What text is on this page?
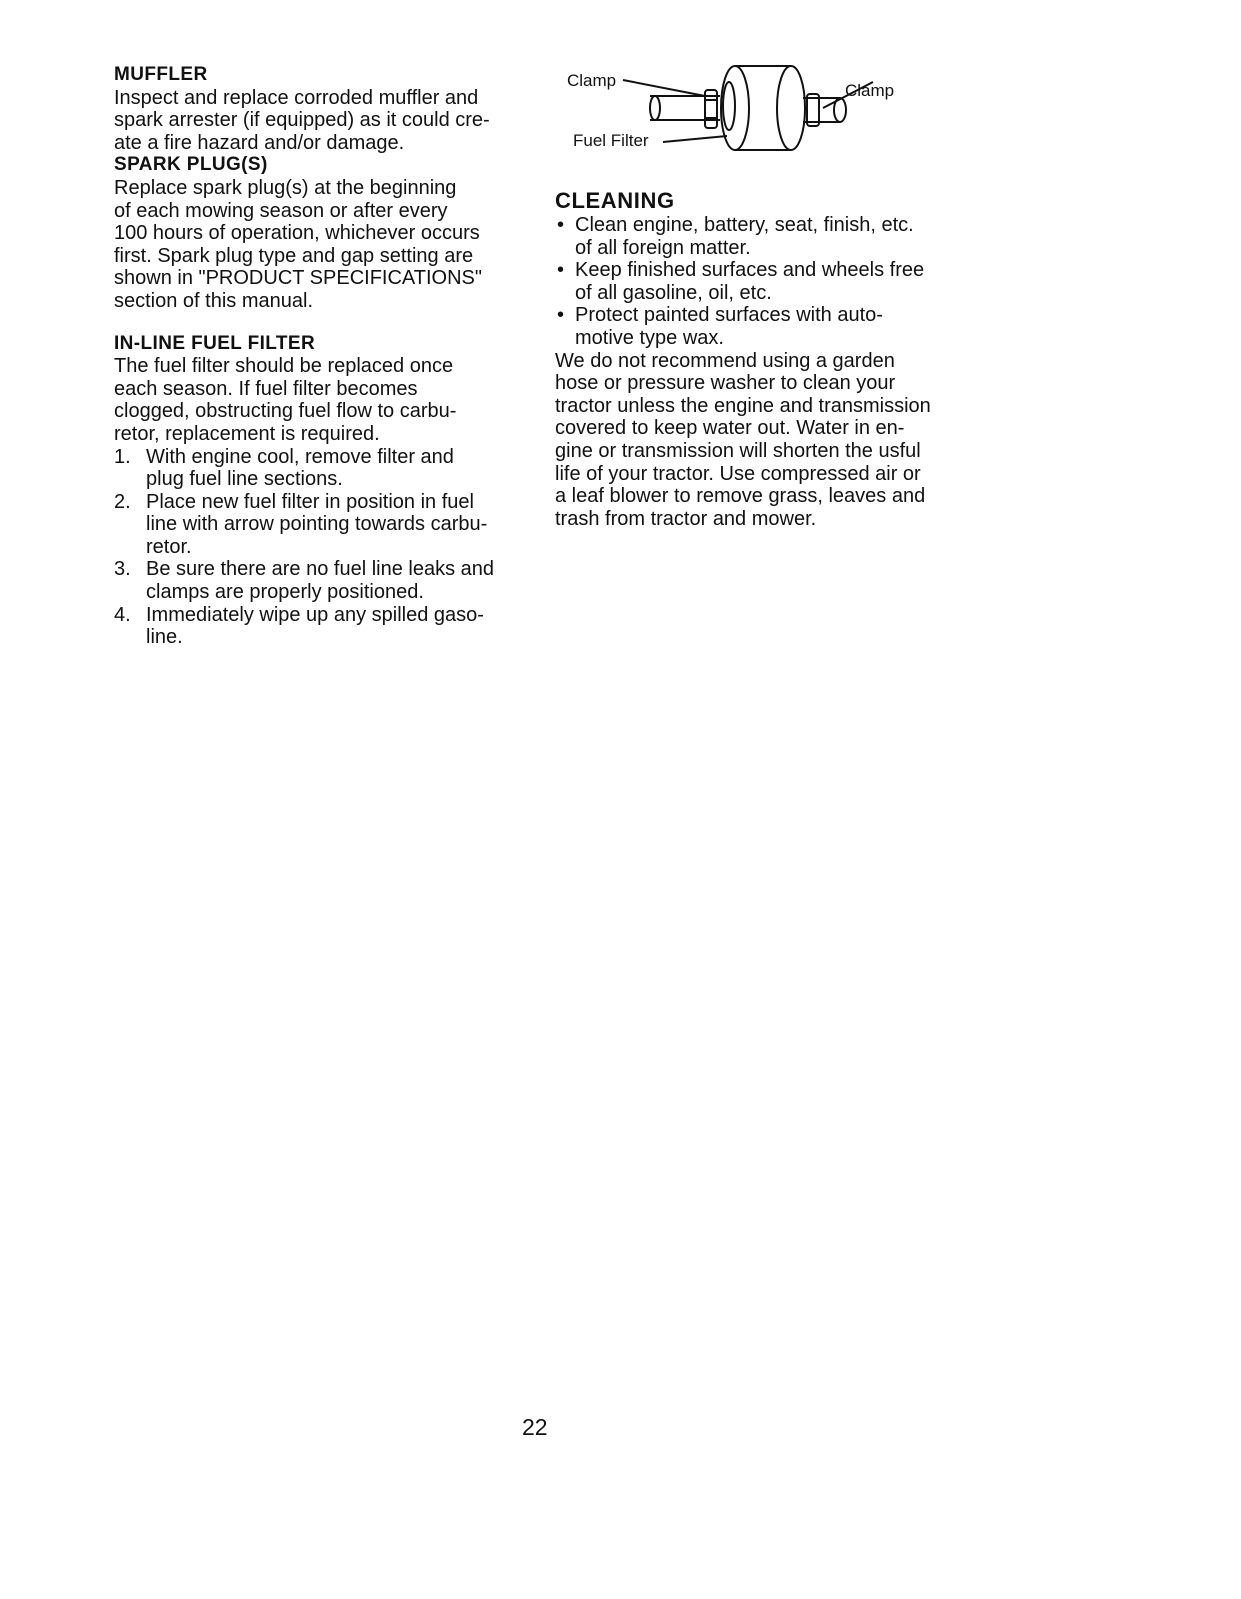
MUFFLER

Inspect and replace corroded muffler and
spark arrester (if equipped) as it could cre-
ate a fire hazard and/or damage.

SPARK PLUG(S)

Replace spark plug(s) at the beginning
of each mowing season or after every
100 hours of operation, whichever occurs
first. Spark plug type and gap setting are
shown in "PRODUCT SPECIFICATIONS"
section of this manual.

IN-LINE FUEL FILTER

The fuel filter should be replaced once
each season. If fuel filter becomes
clogged, obstructing fuel flow to carbu-
retor, replacement is required.

1. With engine cool, remove filter and
plug fuel line sections.
2. Place new fuel filter in position in fuel
line with arrow pointing towards carbu-
retor.
3. Be sure there are no fuel line leaks and
clamps are properly positioned.
4. Immediately wipe up any spilled gaso-
line.
Clamp
Clamp
Fuel Filter
CLEANING
• Clean engine, battery, seat, finish, etc.
of all foreign matter.
• Keep finished surfaces and wheels free
of all gasoline, oil, etc.
• Protect painted surfaces with auto-
motive type wax.

We do not recommend using a garden
hose or pressure washer to clean your
tractor unless the engine and transmission
covered to keep water out. Water in en-
gine or transmission will shorten the usful
life of your tractor. Use compressed air or
a leaf blower to remove grass, leaves and
trash from tractor and mower.

22
